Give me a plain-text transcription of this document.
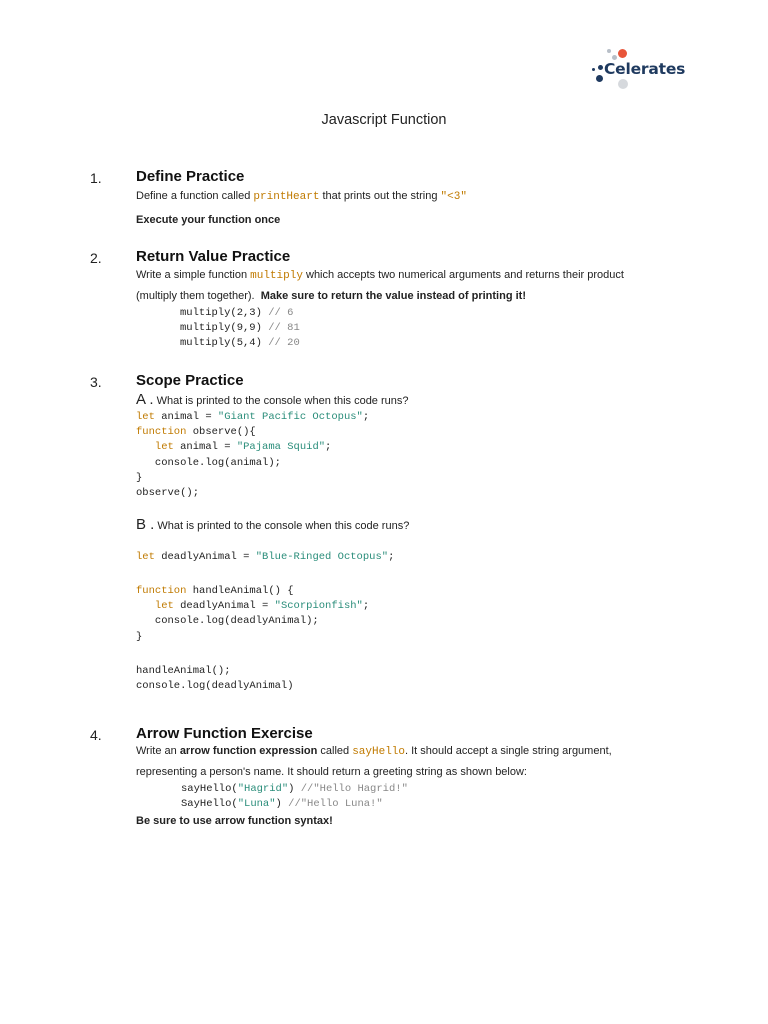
Celerates
Javascript Function
1. Define Practice
Define a function called printHeart that prints out the string "<3"
Execute your function once
2. Return Value Practice
Write a simple function multiply which accepts two numerical arguments and returns their product
(multiply them together). Make sure to return the value instead of printing it!
multiply(2,3) // 6
multiply(9,9) // 81
multiply(5,4) // 20
3. Scope Practice
A . What is printed to the console when this code runs?
let animal = "Giant Pacific Octopus";
function observe(){
let animal = "Pajama Squid";
console.log(animal);
}
observe();
B . What is printed to the console when this code runs?
let deadlyAnimal = "Blue-Ringed Octopus";
function handleAnimal() {
let deadlyAnimal = "Scorpionfish";
console.log(deadlyAnimal);
}
handleAnimal();
console.log(deadlyAnimal)
4. Arrow Function Exercise
Write an arrow function expression called sayHello. It should accept a single string argument,
representing a person's name. It should return a greeting string as shown below:
sayHello("Hagrid") //"Hello Hagrid!"
SayHello("Luna") //"Hello Luna!"
Be sure to use arrow function syntax!
